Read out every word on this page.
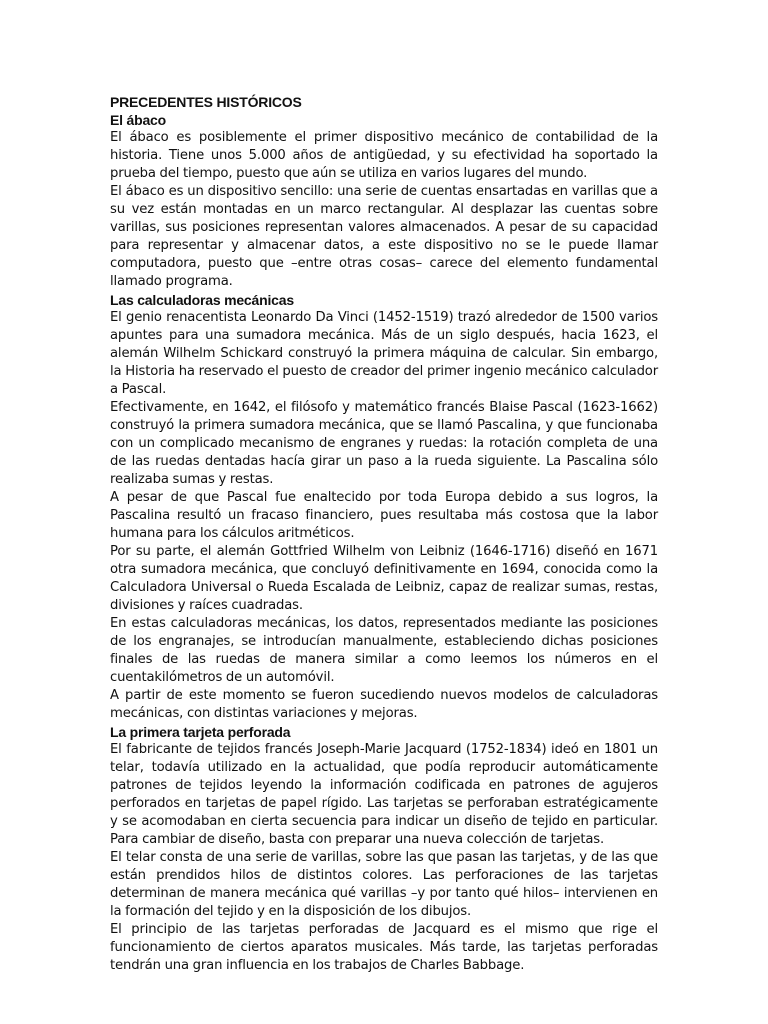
PRECEDENTES HISTÓRICOS
El ábaco

El ábaco es posiblemente el primer dispositivo mecánico de contabilidad de la historia. Tiene unos 5.000 años de antigüedad, y su efectividad ha soportado la prueba del tiempo, puesto que aún se utiliza en varios lugares del mundo.

El ábaco es un dispositivo sencillo: una serie de cuentas ensartadas en varillas que a su vez están montadas en un marco rectangular. Al desplazar las cuentas sobre varillas, sus posiciones representan valores almacenados. A pesar de su capacidad para representar y almacenar datos, a este dispositivo no se le puede llamar computadora, puesto que –entre otras cosas– carece del elemento fundamental llamado programa.

Las calculadoras mecánicas

El genio renacentista Leonardo Da Vinci (1452-1519) trazó alrededor de 1500 varios apuntes para una sumadora mecánica. Más de un siglo después, hacia 1623, el alemán Wilhelm Schickard construyó la primera máquina de calcular. Sin embargo, la Historia ha reservado el puesto de creador del primer ingenio mecánico calculador a Pascal.

Efectivamente, en 1642, el filósofo y matemático francés Blaise Pascal (1623-1662) construyó la primera sumadora mecánica, que se llamó Pascalina, y que funcionaba con un complicado mecanismo de engranes y ruedas: la rotación completa de una de las ruedas dentadas hacía girar un paso a la rueda siguiente. La Pascalina sólo realizaba sumas y restas.

A pesar de que Pascal fue enaltecido por toda Europa debido a sus logros, la Pascalina resultó un fracaso financiero, pues resultaba más costosa que la labor humana para los cálculos aritméticos.

Por su parte, el alemán Gottfried Wilhelm von Leibniz (1646-1716) diseñó en 1671 otra sumadora mecánica, que concluyó definitivamente en 1694, conocida como la Calculadora Universal o Rueda Escalada de Leibniz, capaz de realizar sumas, restas, divisiones y raíces cuadradas.

En estas calculadoras mecánicas, los datos, representados mediante las posiciones de los engranajes, se introducían manualmente, estableciendo dichas posiciones finales de las ruedas de manera similar a como leemos los números en el cuentakilómetros de un automóvil.

A partir de este momento se fueron sucediendo nuevos modelos de calculadoras mecánicas, con distintas variaciones y mejoras.

La primera tarjeta perforada

El fabricante de tejidos francés Joseph-Marie Jacquard (1752-1834) ideó en 1801 un telar, todavía utilizado en la actualidad, que podía reproducir automáticamente patrones de tejidos leyendo la información codificada en patrones de agujeros perforados en tarjetas de papel rígido. Las tarjetas se perforaban estratégicamente y se acomodaban en cierta secuencia para indicar un diseño de tejido en particular. Para cambiar de diseño, basta con preparar una nueva colección de tarjetas.

El telar consta de una serie de varillas, sobre las que pasan las tarjetas, y de las que están prendidos hilos de distintos colores. Las perforaciones de las tarjetas determinan de manera mecánica qué varillas –y por tanto qué hilos– intervienen en la formación del tejido y en la disposición de los dibujos.

El principio de las tarjetas perforadas de Jacquard es el mismo que rige el funcionamiento de ciertos aparatos musicales. Más tarde, las tarjetas perforadas tendrán una gran influencia en los trabajos de Charles Babbage.
